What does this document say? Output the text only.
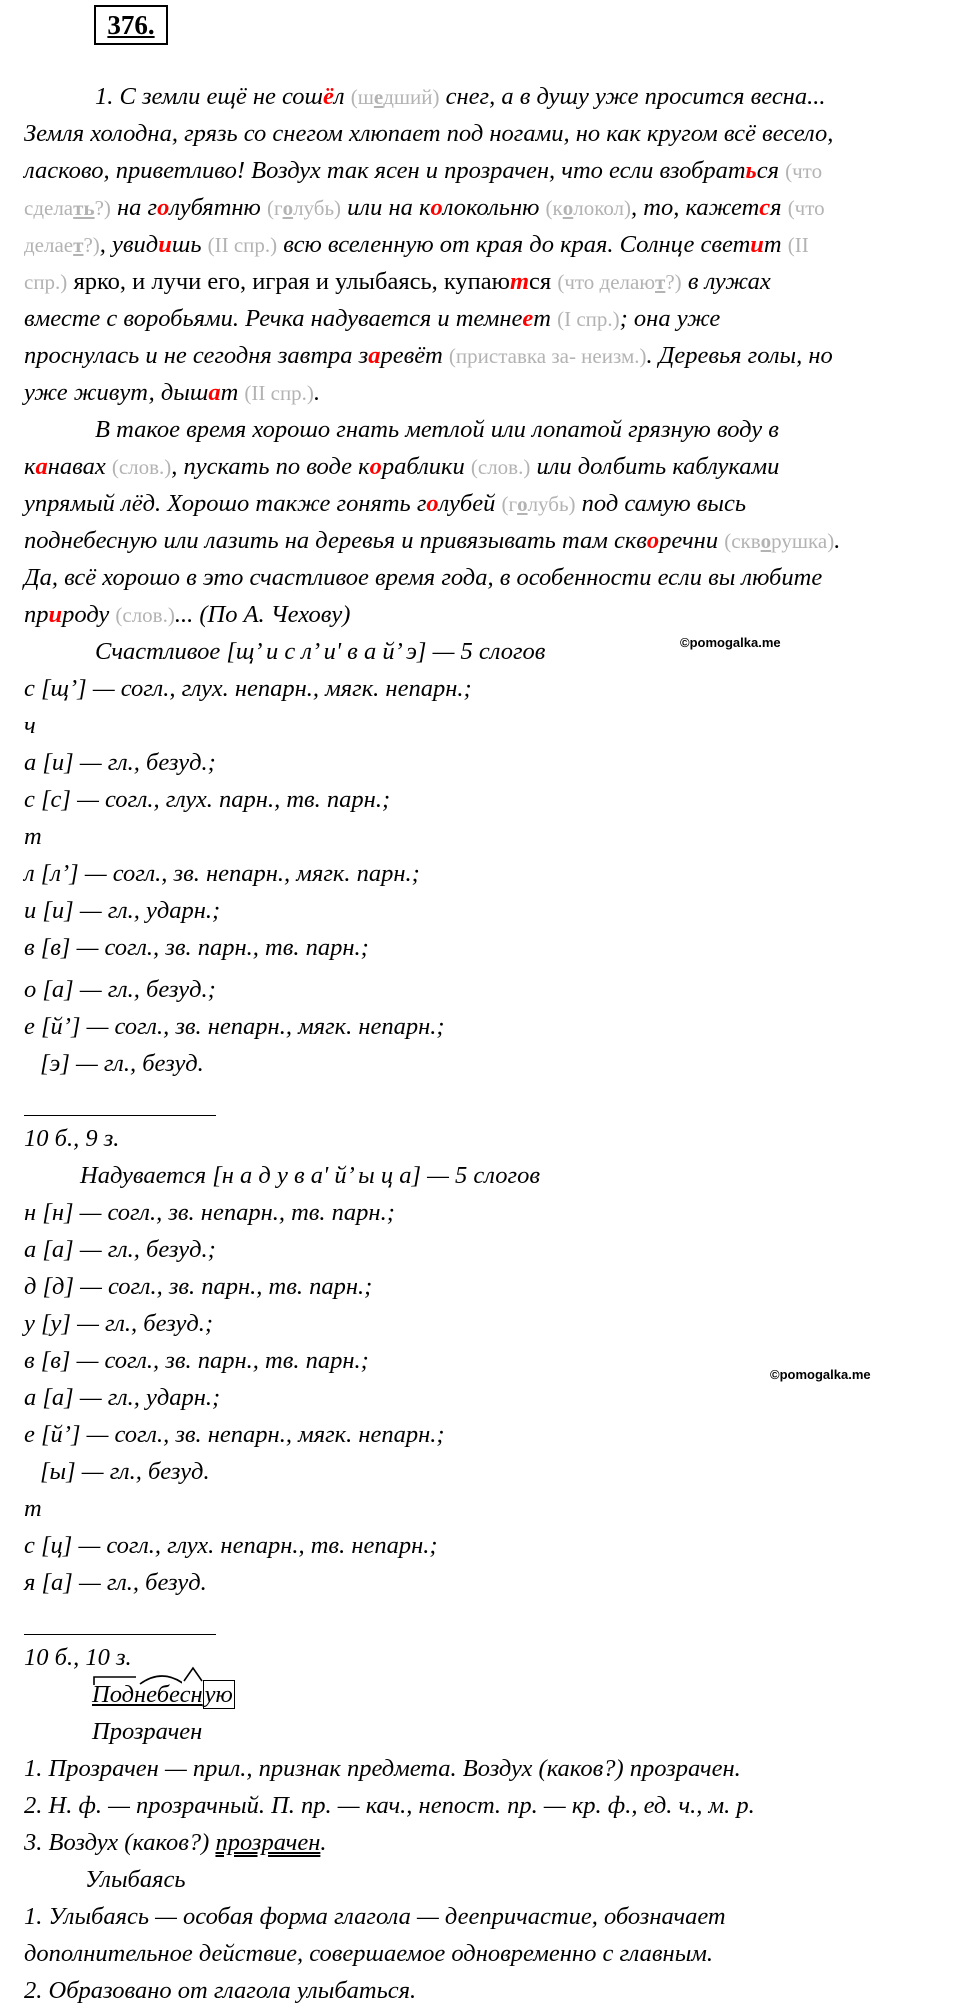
376.
1. С земли ещё не сошёл (шедший) снег, а в душу уже просится весна...
Земля холодна, грязь со снегом хлюпает под ногами, но как кругом всё весело,
ласково, приветливо! Воздух так ясен и прозрачен, что если взобраться (что
сделать?) на голубятню (голубь) или на колокольню (колокол), то, кажется (что
делает?), увидишь (II спр.) всю вселенную от края до края. Солнце светит (II
спр.) ярко, и лучи его, играя и улыбаясь, купаются (что делают?) в лужах
вместе с воробьями. Речка надувается и темнеет (I спр.); она уже
проснулась и не сегодня завтра заревёт (приставка за- неизм.). Деревья голы, но
уже живут, дышат (II спр.).
В такое время хорошо гнать метлой или лопатой грязную воду в
канавах (слов.), пускать по воде кораблики (слов.) или долбить каблуками
упрямый лёд. Хорошо также гонять голубей (голубь) под самую высь
поднебесную или лазить на деревья и привязывать там скворечни (скворушка).
Да, всё хорошо в это счастливое время года, в особенности если вы любите
природу (слов.)... (По А. Чехову)
Счастливое [щ’ и с л’ и' в а й’ э] — 5 слогов	©pomogalka.me
с [щ’] — согл., глух. непарн., мягк. непарн.;
ч
а [и] — гл., безуд.;
с [с] — согл., глух. парн., тв. парн.;
т
л [л’] — согл., зв. непарн., мягк. парн.;
и [и] — гл., ударн.;
в [в] — согл., зв. парн., тв. парн.;
о [а] — гл., безуд.;
е [й’] — согл., зв. непарн., мягк. непарн.;
[э] — гл., безуд.
10 б., 9 з.
Надувается [н а д у в а' й’ ы ц а] — 5 слогов
н [н] — согл., зв. непарн., тв. парн.;
а [а] — гл., безуд.;
д [д] — согл., зв. парн., тв. парн.;
у [у] — гл., безуд.;
в [в] — согл., зв. парн., тв. парн.;
©pomogalka.me
а [а] — гл., ударн.;
е [й’] — согл., зв. непарн., мягк. непарн.;
[ы] — гл., безуд.
т
с [ц] — согл., глух. непарн., тв. непарн.;
я [а] — гл., безуд.
10 б., 10 з.
Поднебесную
Прозрачен
1. Прозрачен — прил., признак предмета. Воздух (каков?) прозрачен.
2. Н. ф. — прозрачный. П. пр. — кач., непост. пр. — кр. ф., ед. ч., м. р.
3. Воздух (каков?) прозрачен.
Улыбаясь
1. Улыбаясь — особая форма глагола — деепричастие, обозначает
дополнительное действие, совершаемое одновременно с главным.
2. Образовано от глагола улыбаться.
